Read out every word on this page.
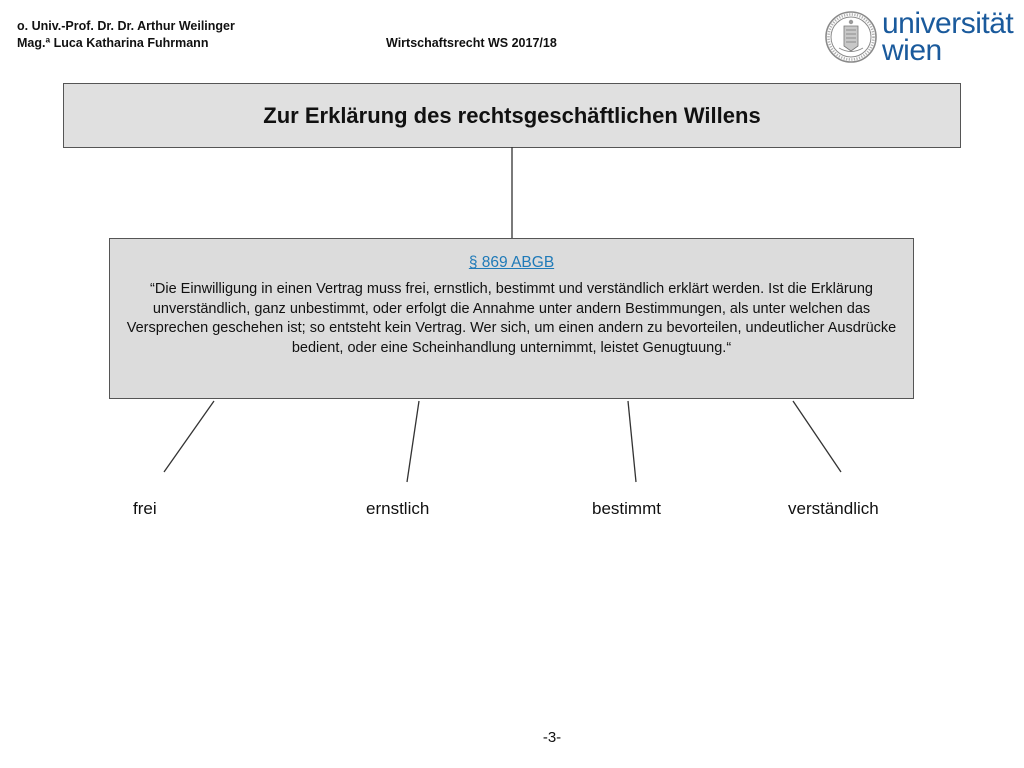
o. Univ.-Prof. Dr. Dr. Arthur Weilinger
Mag.ª Luca Katharina Fuhrmann	Wirtschaftsrecht WS 2017/18
universität
wien
Zur Erklärung des rechtsgeschäftlichen Willens
§ 869 ABGB

“Die Einwilligung in einen Vertrag muss frei, ernstlich, bestimmt und verständlich erklärt werden. Ist die Erklärung unverständlich, ganz unbestimmt, oder erfolgt die Annahme unter andern Bestimmungen, als unter welchen das Versprechen geschehen ist; so entsteht kein Vertrag. Wer sich, um einen andern zu bevorteilen, undeutlicher Ausdrücke bedient, oder eine Scheinhandlung unternimmt, leistet Genugtuung.“

frei	ernstlich	bestimmt	verständlich
-3-
